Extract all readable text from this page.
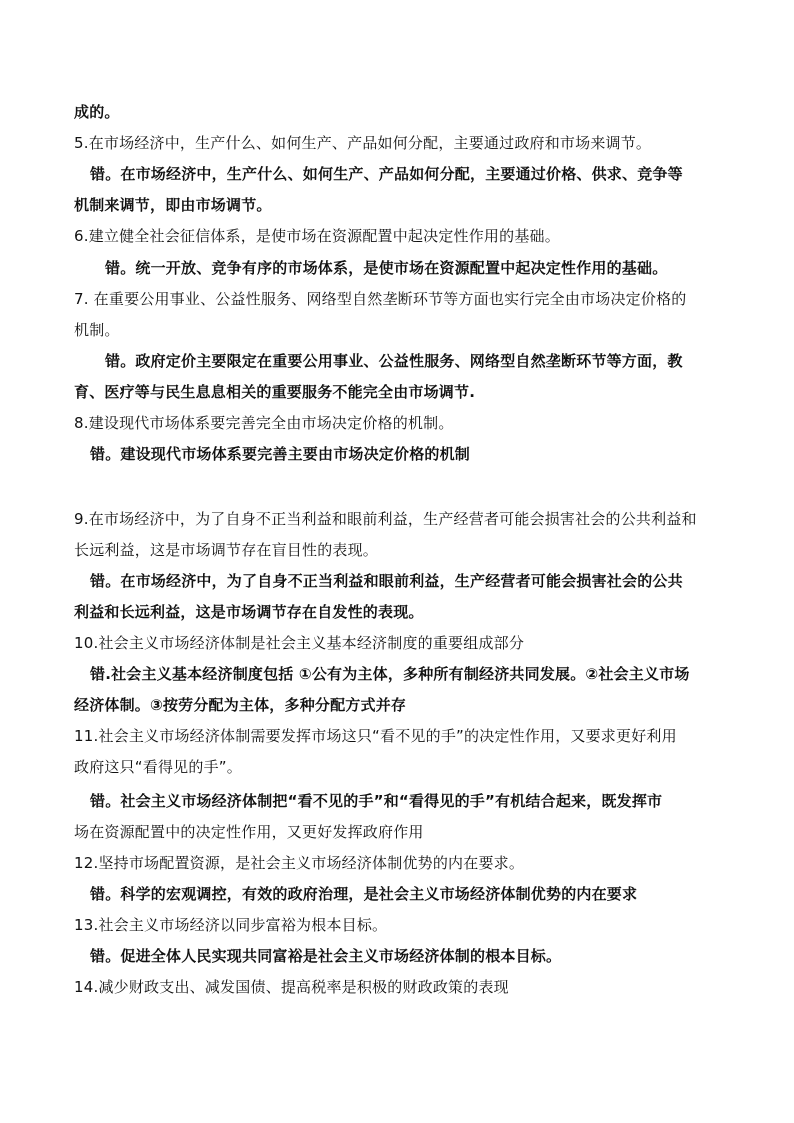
成的。
5.在市场经济中，生产什么、如何生产、产品如何分配，主要通过政府和市场来调节。
错。在市场经济中，生产什么、如何生产、产品如何分配，主要通过价格、供求、竞争等
机制来调节，即由市场调节。
6.建立健全社会征信体系，是使市场在资源配置中起决定性作用的基础。
错。统一开放、竞争有序的市场体系，是使市场在资源配置中起决定性作用的基础。
7. 在重要公用事业、公益性服务、网络型自然垄断环节等方面也实行完全由市场决定价格的
机制。
错。政府定价主要限定在重要公用事业、公益性服务、网络型自然垄断环节等方面，教
育、医疗等与民生息息相关的重要服务不能完全由市场调节.
8.建设现代市场体系要完善完全由市场决定价格的机制。
错。建设现代市场体系要完善主要由市场决定价格的机制
9.在市场经济中，为了自身不正当利益和眼前利益，生产经营者可能会损害社会的公共利益和
长远利益，这是市场调节存在盲目性的表现。
错。在市场经济中，为了自身不正当利益和眼前利益，生产经营者可能会损害社会的公共
利益和长远利益，这是市场调节存在自发性的表现。
10.社会主义市场经济体制是社会主义基本经济制度的重要组成部分
错.社会主义基本经济制度包括 ①公有为主体，多种所有制经济共同发展。②社会主义市场
经济体制。③按劳分配为主体，多种分配方式并存
11.社会主义市场经济体制需要发挥市场这只“看不见的手”的决定性作用，又要求更好利用
政府这只“看得见的手”。
错。社会主义市场经济体制把“看不见的手”和“看得见的手”有机结合起来，既发挥市
场在资源配置中的决定性作用，又更好发挥政府作用
12.坚持市场配置资源，是社会主义市场经济体制优势的内在要求。
错。科学的宏观调控，有效的政府治理，是社会主义市场经济体制优势的内在要求
13.社会主义市场经济以同步富裕为根本目标。
错。促进全体人民实现共同富裕是社会主义市场经济体制的根本目标。
14.减少财政支出、减发国债、提高税率是积极的财政政策的表现
